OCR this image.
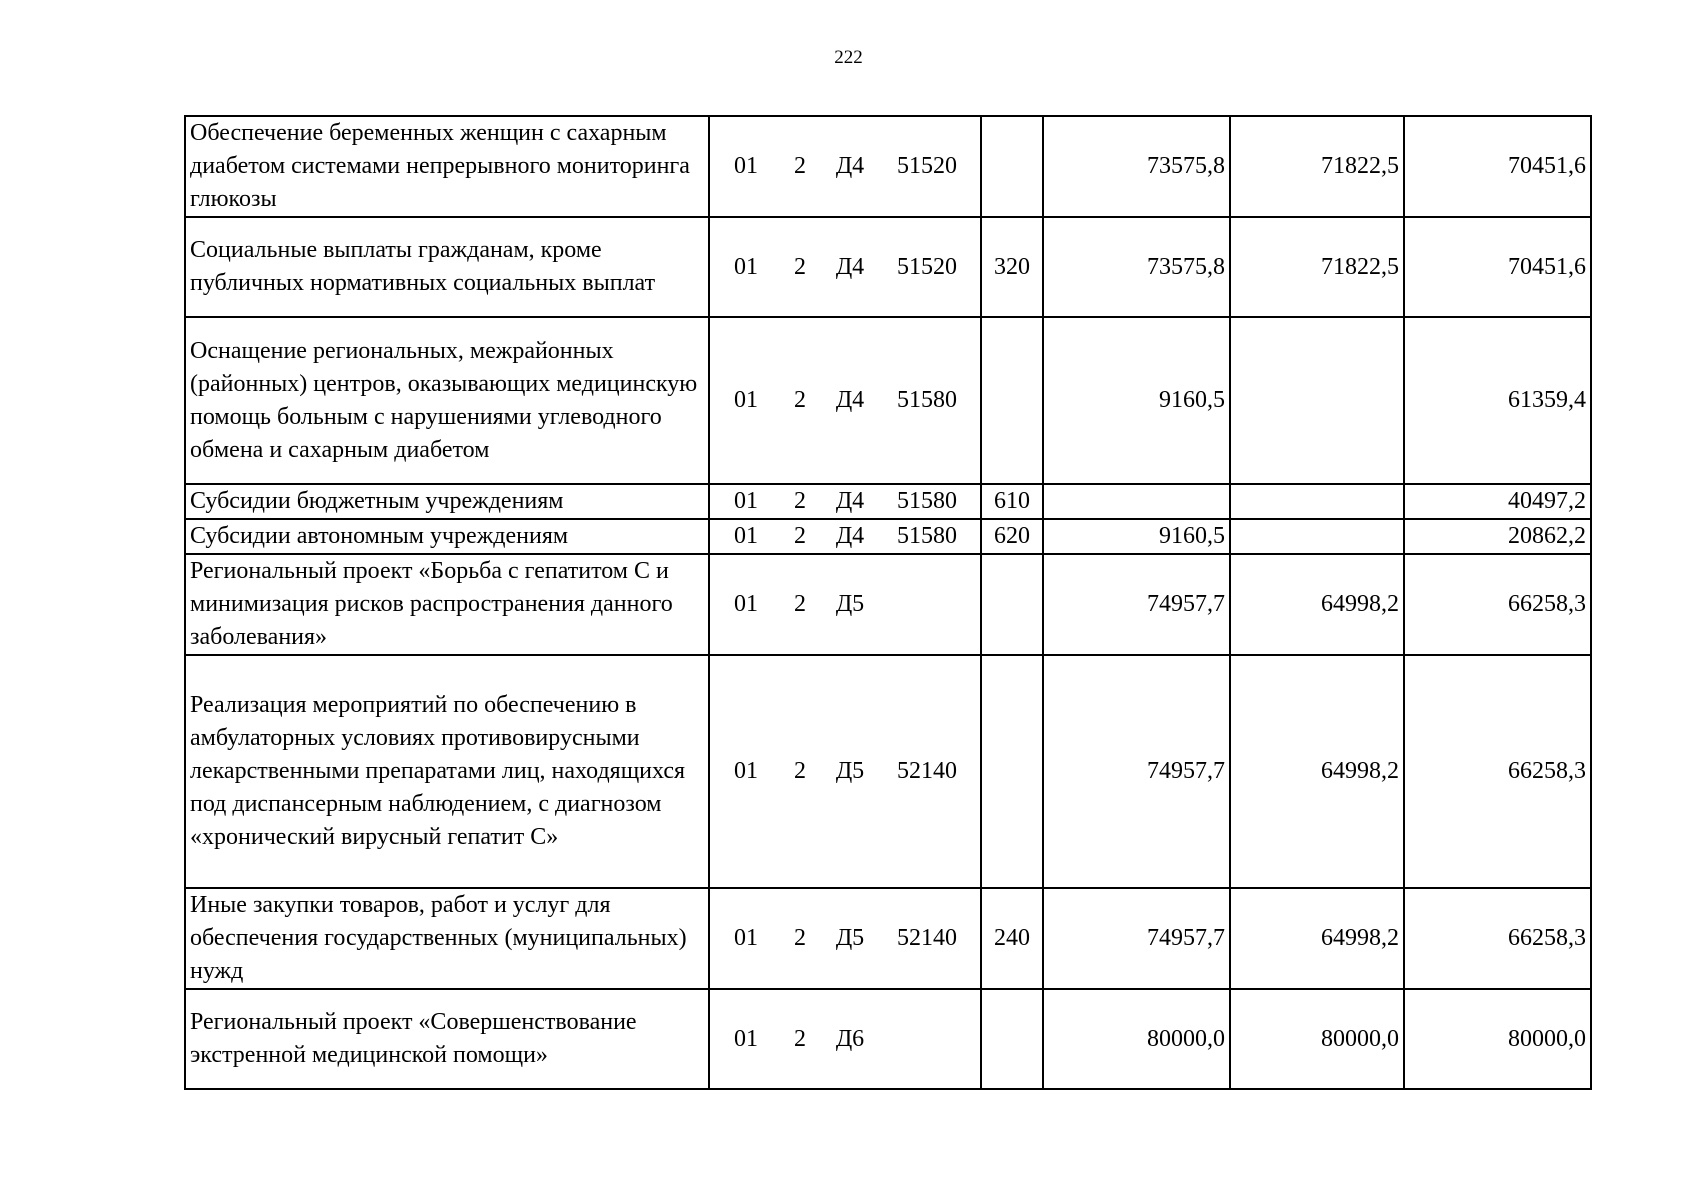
222
Обеспечение беременных женщин с сахарным диабетом системами непрерывного мониторинга глюкозы	01 2 Д4 51520		73575,8	71822,5	70451,6
Социальные выплаты гражданам, кроме публичных нормативных социальных выплат	01 2 Д4 51520	320	73575,8	71822,5	70451,6
Оснащение региональных, межрайонных (районных) центров, оказывающих медицинскую помощь больным с нарушениями углеводного обмена и сахарным диабетом	01 2 Д4 51580		9160,5		61359,4
Субсидии бюджетным учреждениям	01 2 Д4 51580	610			40497,2
Субсидии автономным учреждениям	01 2 Д4 51580	620	9160,5		20862,2
Региональный проект «Борьба с гепатитом С и минимизация рисков распространения данного заболевания»	01 2 Д5		74957,7	64998,2	66258,3
Реализация мероприятий по обеспечению в амбулаторных условиях противовирусными лекарственными препаратами лиц, находящихся под диспансерным наблюдением, с диагнозом «хронический вирусный гепатит С»	01 2 Д5 52140		74957,7	64998,2	66258,3
Иные закупки товаров, работ и услуг для обеспечения государственных (муниципальных) нужд	01 2 Д5 52140	240	74957,7	64998,2	66258,3
Региональный проект «Совершенствование экстренной медицинской помощи»	01 2 Д6		80000,0	80000,0	80000,0
